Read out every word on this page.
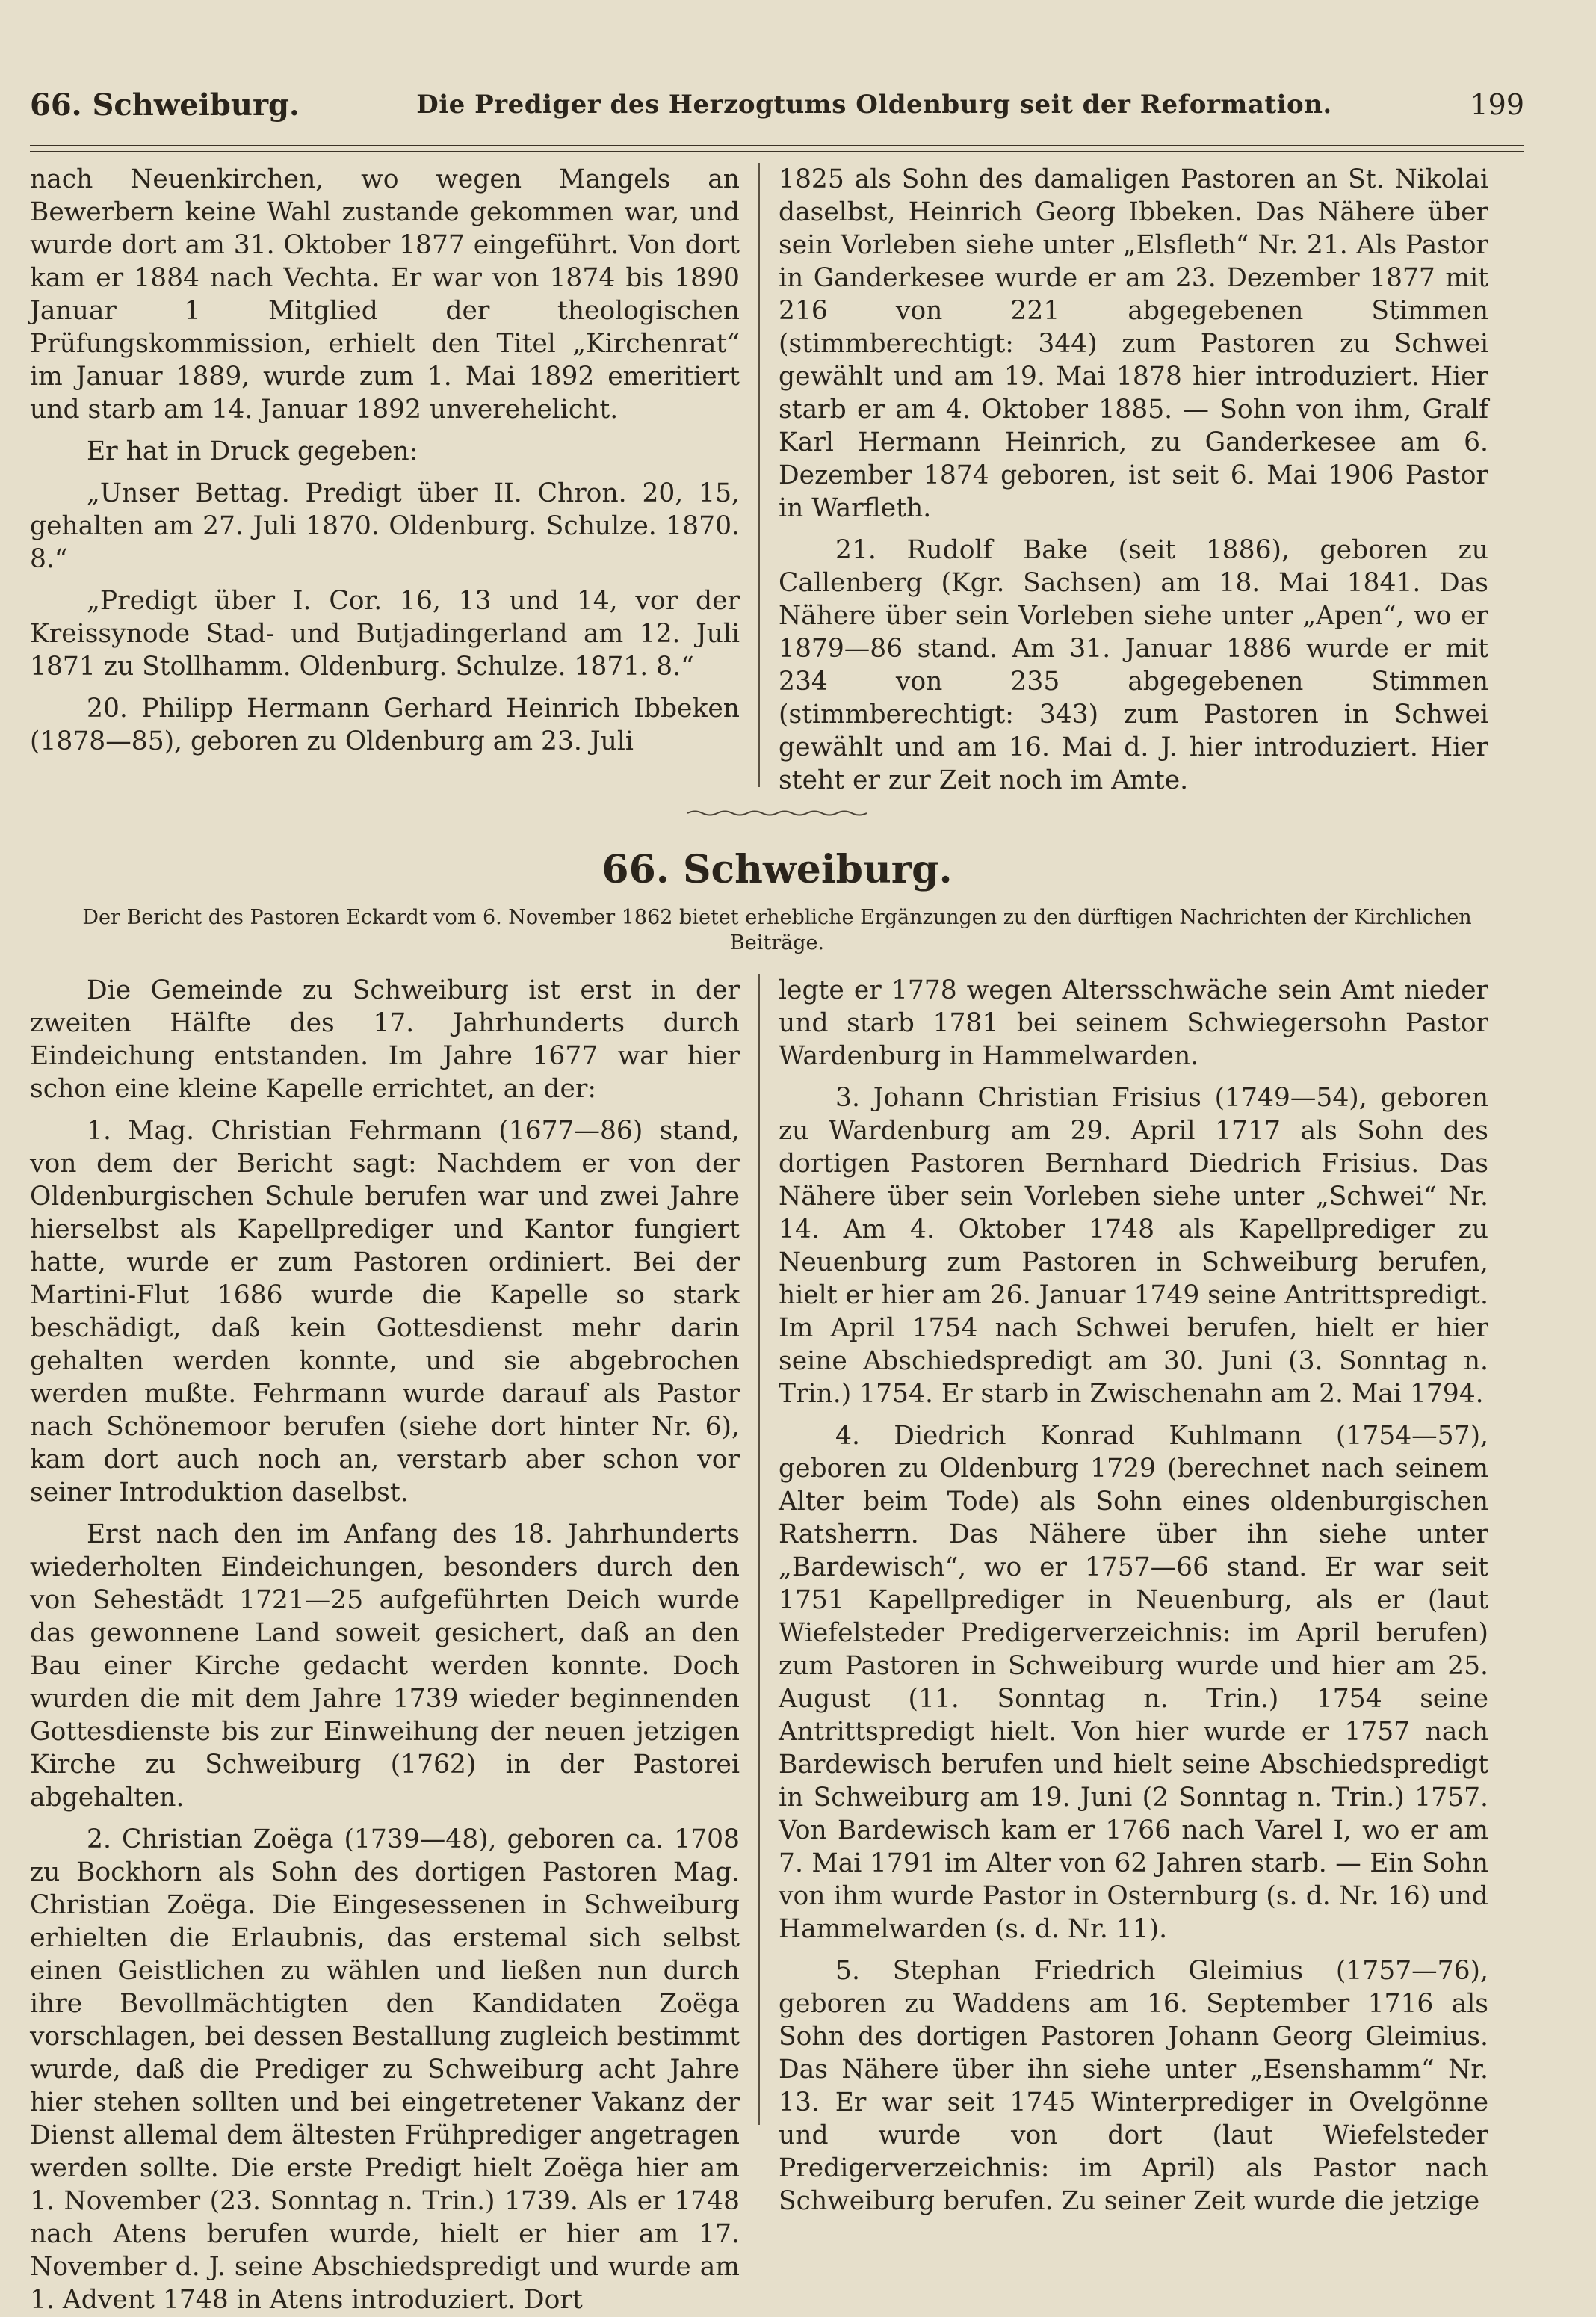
66. Schweiburg.	Die Prediger des Herzogtums Oldenburg seit der Reformation.	199

nach Neuenkirchen, wo wegen Mangels an Bewerbern keine Wahl zustande gekommen war, und wurde dort am 31. Oktober 1877 eingeführt. Von dort kam er 1884 nach Vechta. Er war von 1874 bis 1890 Januar 1 Mitglied der theologischen Prüfungskommission, erhielt den Titel „Kirchenrat“ im Januar 1889, wurde zum 1. Mai 1892 emeritiert und starb am 14. Januar 1892 unverehelicht.

Er hat in Druck gegeben:

„Unser Bettag. Predigt über II. Chron. 20, 15, gehalten am 27. Juli 1870. Oldenburg. Schulze. 1870. 8.“

„Predigt über I. Cor. 16, 13 und 14, vor der Kreissynode Stad- und Butjadingerland am 12. Juli 1871 zu Stollhamm. Oldenburg. Schulze. 1871. 8.“

20. Philipp Hermann Gerhard Heinrich Ibbeken (1878—85), geboren zu Oldenburg am 23. Juli

1825 als Sohn des damaligen Pastoren an St. Nikolai daselbst, Heinrich Georg Ibbeken. Das Nähere über sein Vorleben siehe unter „Elsfleth“ Nr. 21. Als Pastor in Ganderkesee wurde er am 23. Dezember 1877 mit 216 von 221 abgegebenen Stimmen (stimmberechtigt: 344) zum Pastoren zu Schwei gewählt und am 19. Mai 1878 hier introduziert. Hier starb er am 4. Oktober 1885. — Sohn von ihm, Gralf Karl Hermann Heinrich, zu Ganderkesee am 6. Dezember 1874 geboren, ist seit 6. Mai 1906 Pastor in Warfleth.

21. Rudolf Bake (seit 1886), geboren zu Callenberg (Kgr. Sachsen) am 18. Mai 1841. Das Nähere über sein Vorleben siehe unter „Apen“, wo er 1879—86 stand. Am 31. Januar 1886 wurde er mit 234 von 235 abgegebenen Stimmen (stimmberechtigt: 343) zum Pastoren in Schwei gewählt und am 16. Mai d. J. hier introduziert. Hier steht er zur Zeit noch im Amte.

66. Schweiburg.
Der Bericht des Pastoren Eckardt vom 6. November 1862 bietet erhebliche Ergänzungen zu den dürftigen Nachrichten der Kirchlichen Beiträge.

Die Gemeinde zu Schweiburg ist erst in der zweiten Hälfte des 17. Jahrhunderts durch Eindeichung entstanden. Im Jahre 1677 war hier schon eine kleine Kapelle errichtet, an der:

1. Mag. Christian Fehrmann (1677—86) stand, von dem der Bericht sagt: Nachdem er von der Oldenburgischen Schule berufen war und zwei Jahre hierselbst als Kapellprediger und Kantor fungiert hatte, wurde er zum Pastoren ordiniert. Bei der Martini-Flut 1686 wurde die Kapelle so stark beschädigt, daß kein Gottesdienst mehr darin gehalten werden konnte, und sie abgebrochen werden mußte. Fehrmann wurde darauf als Pastor nach Schönemoor berufen (siehe dort hinter Nr. 6), kam dort auch noch an, verstarb aber schon vor seiner Introduktion daselbst.

Erst nach den im Anfang des 18. Jahrhunderts wiederholten Eindeichungen, besonders durch den von Sehestädt 1721—25 aufgeführten Deich wurde das gewonnene Land soweit gesichert, daß an den Bau einer Kirche gedacht werden konnte. Doch wurden die mit dem Jahre 1739 wieder beginnenden Gottesdienste bis zur Einweihung der neuen jetzigen Kirche zu Schweiburg (1762) in der Pastorei abgehalten.

2. Christian Zoëga (1739—48), geboren ca. 1708 zu Bockhorn als Sohn des dortigen Pastoren Mag. Christian Zoëga. Die Eingesessenen in Schweiburg erhielten die Erlaubnis, das erstemal sich selbst einen Geistlichen zu wählen und ließen nun durch ihre Bevollmächtigten den Kandidaten Zoëga vorschlagen, bei dessen Bestallung zugleich bestimmt wurde, daß die Prediger zu Schweiburg acht Jahre hier stehen sollten und bei eingetretener Vakanz der Dienst allemal dem ältesten Frühprediger angetragen werden sollte. Die erste Predigt hielt Zoëga hier am 1. November (23. Sonntag n. Trin.) 1739. Als er 1748 nach Atens berufen wurde, hielt er hier am 17. November d. J. seine Abschiedspredigt und wurde am 1. Advent 1748 in Atens introduziert. Dort

legte er 1778 wegen Altersschwäche sein Amt nieder und starb 1781 bei seinem Schwiegersohn Pastor Wardenburg in Hammelwarden.

3. Johann Christian Frisius (1749—54), geboren zu Wardenburg am 29. April 1717 als Sohn des dortigen Pastoren Bernhard Diedrich Frisius. Das Nähere über sein Vorleben siehe unter „Schwei“ Nr. 14. Am 4. Oktober 1748 als Kapellprediger zu Neuenburg zum Pastoren in Schweiburg berufen, hielt er hier am 26. Januar 1749 seine Antrittspredigt. Im April 1754 nach Schwei berufen, hielt er hier seine Abschiedspredigt am 30. Juni (3. Sonntag n. Trin.) 1754. Er starb in Zwischenahn am 2. Mai 1794.

4. Diedrich Konrad Kuhlmann (1754—57), geboren zu Oldenburg 1729 (berechnet nach seinem Alter beim Tode) als Sohn eines oldenburgischen Ratsherrn. Das Nähere über ihn siehe unter „Bardewisch“, wo er 1757—66 stand. Er war seit 1751 Kapellprediger in Neuenburg, als er (laut Wiefelsteder Predigerverzeichnis: im April berufen) zum Pastoren in Schweiburg wurde und hier am 25. August (11. Sonntag n. Trin.) 1754 seine Antrittspredigt hielt. Von hier wurde er 1757 nach Bardewisch berufen und hielt seine Abschiedspredigt in Schweiburg am 19. Juni (2 Sonntag n. Trin.) 1757. Von Bardewisch kam er 1766 nach Varel I, wo er am 7. Mai 1791 im Alter von 62 Jahren starb. — Ein Sohn von ihm wurde Pastor in Osternburg (s. d. Nr. 16) und Hammelwarden (s. d. Nr. 11).

5. Stephan Friedrich Gleimius (1757—76), geboren zu Waddens am 16. September 1716 als Sohn des dortigen Pastoren Johann Georg Gleimius. Das Nähere über ihn siehe unter „Esenshamm“ Nr. 13. Er war seit 1745 Winterprediger in Ovelgönne und wurde von dort (laut Wiefelsteder Predigerverzeichnis: im April) als Pastor nach Schweiburg berufen. Zu seiner Zeit wurde die jetzige
